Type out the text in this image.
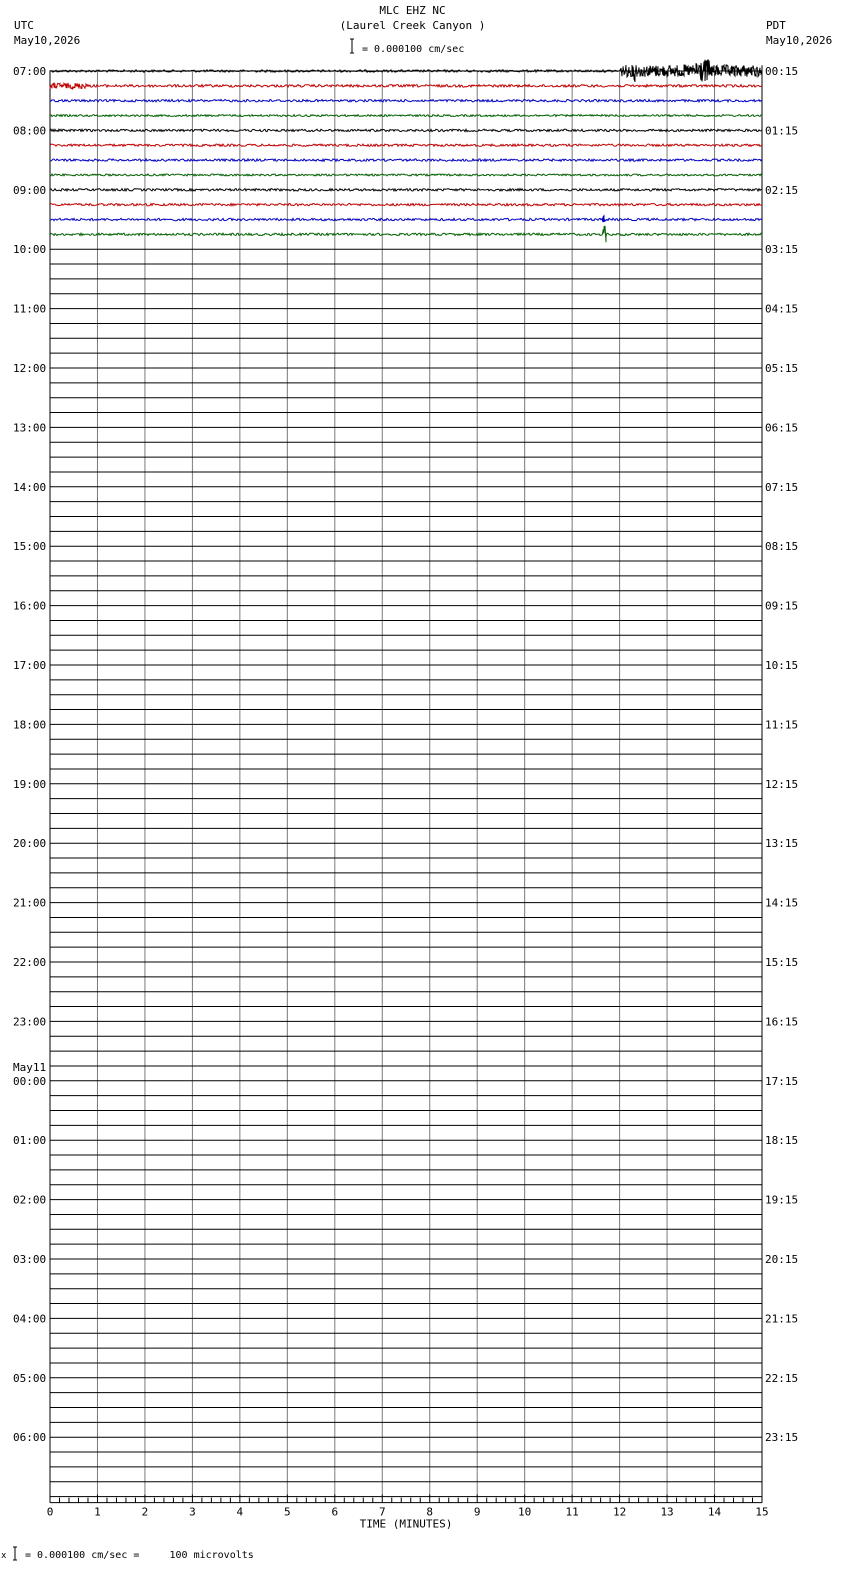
MLC EHZ NC
(Laurel Creek Canyon )
= 0.000100 cm/sec
UTC
May10,2026
PDT
May10,2026
07:00
08:00
09:00
10:00
11:00
12:00
13:00
14:00
15:00
16:00
17:00
18:00
19:00
20:00
21:00
22:00
23:00
00:00
May11
01:00
02:00
03:00
04:00
05:00
06:00
00:15
01:15
02:15
03:15
04:15
05:15
06:15
07:15
08:15
09:15
10:15
11:15
12:15
13:15
14:15
15:15
16:15
17:15
18:15
19:15
20:15
21:15
22:15
23:15
0	1	2	3	4	5	6	7	8	9	10	11	12	13	14	15
TIME (MINUTES)
= 0.000100 cm/sec =     100 microvolts
x
